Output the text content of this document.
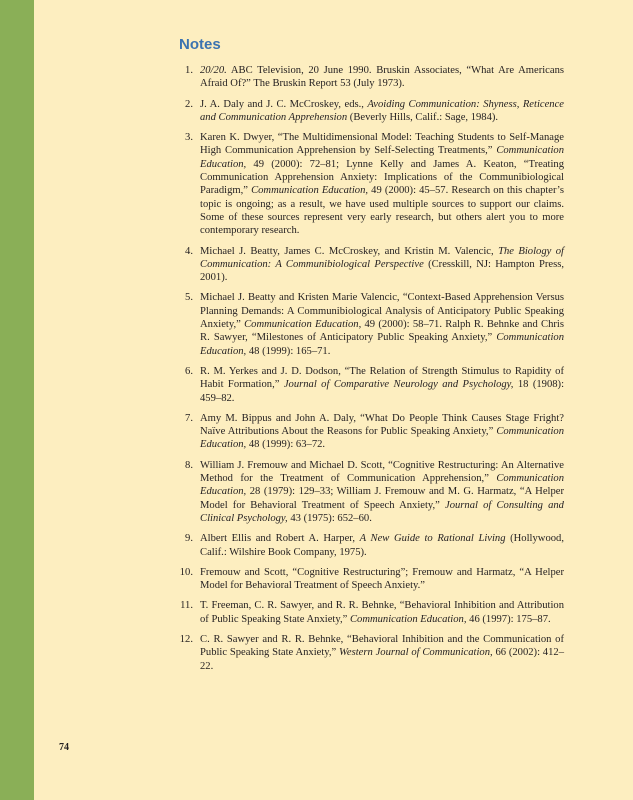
Notes
1. 20/20. ABC Television, 20 June 1990. Bruskin Associates, “What Are Americans Afraid Of?” The Bruskin Report 53 (July 1973).
2. J. A. Daly and J. C. McCroskey, eds., Avoiding Communication: Shyness, Reticence and Communication Apprehension (Beverly Hills, Calif.: Sage, 1984).
3. Karen K. Dwyer, “The Multidimensional Model: Teaching Students to Self-Manage High Communication Apprehension by Self-Selecting Treatments,” Communication Education, 49 (2000): 72–81; Lynne Kelly and James A. Keaton, “Treating Communication Apprehension Anxiety: Implications of the Communibiological Paradigm,” Communication Education, 49 (2000): 45–57. Research on this chapter’s topic is ongoing; as a result, we have used multiple sources to support our claims. Some of these sources represent very early research, but others alert you to more contemporary research.
4. Michael J. Beatty, James C. McCroskey, and Kristin M. Valencic, The Biology of Communication: A Communibiological Perspective (Cresskill, NJ: Hampton Press, 2001).
5. Michael J. Beatty and Kristen Marie Valencic, “Context-Based Apprehension Versus Planning Demands: A Communibiological Analysis of Anticipatory Public Speaking Anxiety,” Communication Education, 49 (2000): 58–71. Ralph R. Behnke and Chris R. Sawyer, “Milestones of Anticipatory Public Speaking Anxiety,” Communication Education, 48 (1999): 165–71.
6. R. M. Yerkes and J. D. Dodson, “The Relation of Strength Stimulus to Rapidity of Habit Formation,” Journal of Comparative Neurology and Psychology, 18 (1908): 459–82.
7. Amy M. Bippus and John A. Daly, “What Do People Think Causes Stage Fright? Naïve Attributions About the Reasons for Public Speaking Anxiety,” Communication Education, 48 (1999): 63–72.
8. William J. Fremouw and Michael D. Scott, “Cognitive Restructuring: An Alternative Method for the Treatment of Communication Apprehension,” Communication Education, 28 (1979): 129–33; William J. Fremouw and M. G. Harmatz, “A Helper Model for Behavioral Treatment of Speech Anxiety,” Journal of Consulting and Clinical Psychology, 43 (1975): 652–60.
9. Albert Ellis and Robert A. Harper, A New Guide to Rational Living (Hollywood, Calif.: Wilshire Book Company, 1975).
10. Fremouw and Scott, “Cognitive Restructuring”; Fremouw and Harmatz, “A Helper Model for Behavioral Treatment of Speech Anxiety.”
11. T. Freeman, C. R. Sawyer, and R. R. Behnke, “Behavioral Inhibition and Attribution of Public Speaking State Anxiety,” Communication Education, 46 (1997): 175–87.
12. C. R. Sawyer and R. R. Behnke, “Behavioral Inhibition and the Communication of Public Speaking State Anxiety,” Western Journal of Communication, 66 (2002): 412–22.
74
